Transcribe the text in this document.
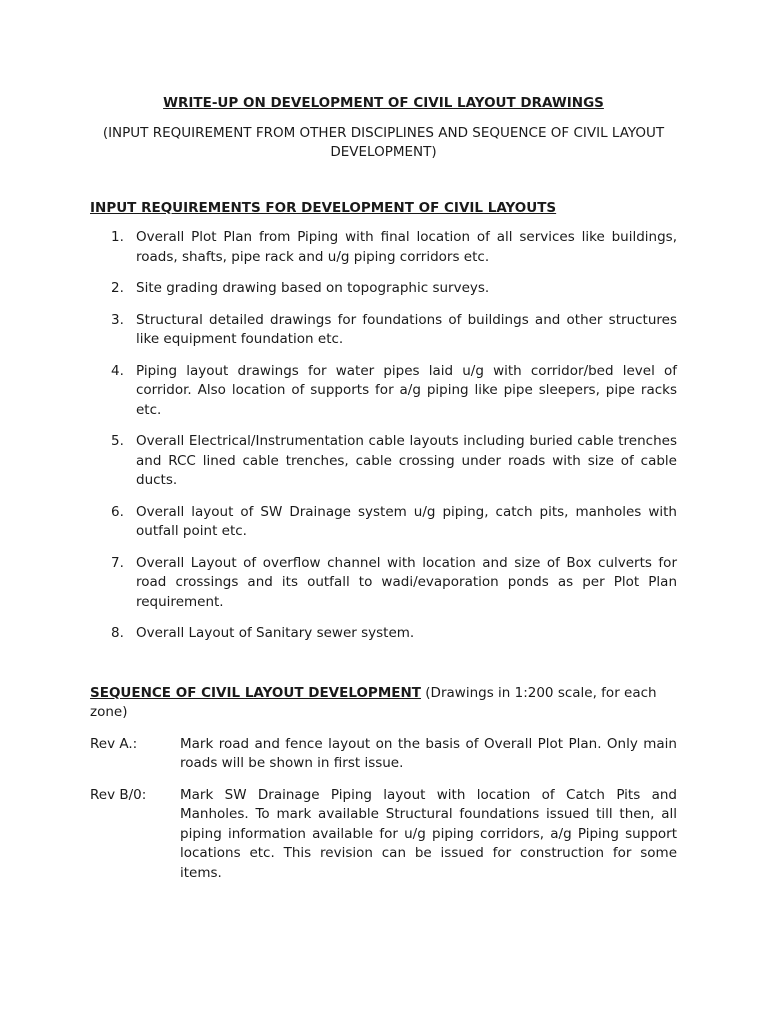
WRITE-UP ON DEVELOPMENT OF CIVIL LAYOUT DRAWINGS
(INPUT REQUIREMENT FROM OTHER DISCIPLINES AND SEQUENCE OF CIVIL LAYOUT DEVELOPMENT)
INPUT REQUIREMENTS FOR DEVELOPMENT OF CIVIL LAYOUTS
1. Overall Plot Plan from Piping with final location of all services like buildings, roads, shafts, pipe rack and u/g piping corridors etc.
2. Site grading drawing based on topographic surveys.
3. Structural detailed drawings for foundations of buildings and other structures like equipment foundation etc.
4. Piping layout drawings for water pipes laid u/g with corridor/bed level of corridor. Also location of supports for a/g piping like pipe sleepers, pipe racks etc.
5. Overall Electrical/Instrumentation cable layouts including buried cable trenches and RCC lined cable trenches, cable crossing under roads with size of cable ducts.
6. Overall layout of SW Drainage system u/g piping, catch pits, manholes with outfall point etc.
7. Overall Layout of overflow channel with location and size of Box culverts for road crossings and its outfall to wadi/evaporation ponds as per Plot Plan requirement.
8. Overall Layout of Sanitary sewer system.
SEQUENCE OF CIVIL LAYOUT DEVELOPMENT (Drawings in 1:200 scale, for each zone)
Rev A.:	Mark road and fence layout on the basis of Overall Plot Plan. Only main roads will be shown in first issue.
Rev B/0:	Mark SW Drainage Piping layout with location of Catch Pits and Manholes. To mark available Structural foundations issued till then, all piping information available for u/g piping corridors, a/g Piping support locations etc. This revision can be issued for construction for some items.
